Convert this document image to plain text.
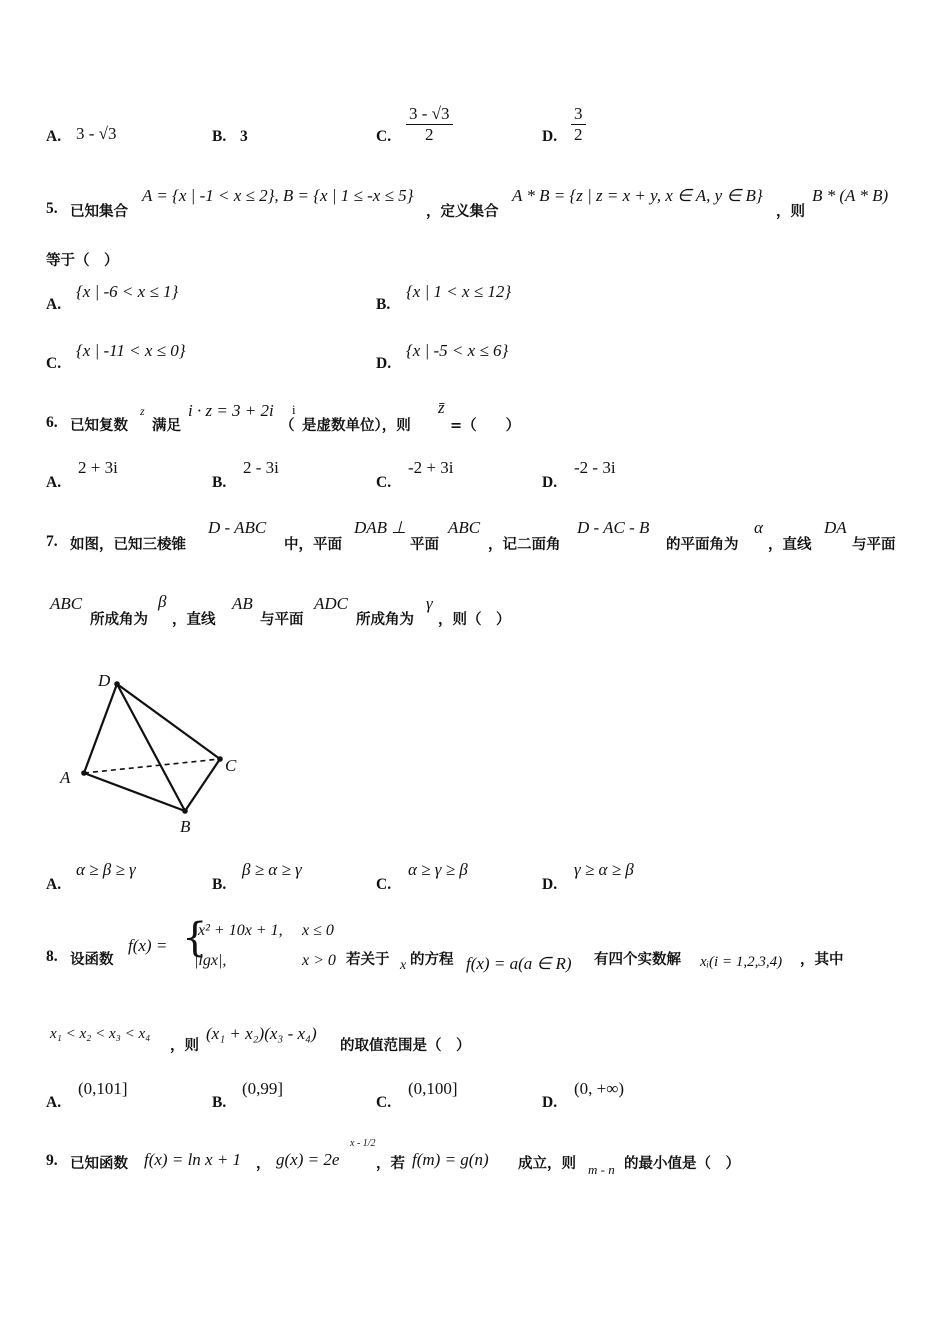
A. 3 - √3	B. 3	C. $\frac{3 - √3}{2}$	D. $\frac{3}{2}$
5. 已知集合
A = {x | -1 < x ≤ 2}, B = {x | 1 ≤ -x ≤ 5}
，定义集合
A * B = {z | z = x + y, x ∈ A, y ∈ B}
，则
B * (A * B)
等于（　）
A.
{x | -6 < x ≤ 1}
B.
{x | 1 < x ≤ 12}
C.
{x | -11 < x ≤ 0}
D.
{x | -5 < x ≤ 6}
6. 已知复数
z
满足
i · z = 3 + 2i
（
i
是虚数单位），则
z̄
=（　　）
A.
2 + 3i
B.
2 - 3i
C.
-2 + 3i
D.
-2 - 3i
7. 如图，已知三棱锥
D - ABC
中，平面
DAB ⊥
平面
ABC
，记二面角
D - AC - B
的平面角为
α
，直线
DA
与平面
ABC
所成角为
β
，直线
AB
与平面
ADC
所成角为
γ
，则（　）
D
A
B
C
A.
α ≥ β ≥ γ
B.
β ≥ α ≥ γ
C.
α ≥ γ ≥ β
D.
γ ≥ α ≥ β
8. 设函数
f(x) = {
x² + 10x + 1, x ≤ 0
|lgx|,	x > 0 若关于 x 的方程 f(x) = a(a ∈ R) 有四个实数解 xᵢ(i = 1,2,3,4) ，其中
x₁ < x₂ < x₃ < x₄
，则
(x₁ + x₂)(x₃ - x₄)
的取值范围是（　）
A.
(0,101]
B.
(0,99]
C.
(0,100]
D.
(0, +∞)
9. 已知函数 f(x) = ln x + 1 ， g(x) = 2e
x - 1/2
，若 f(m) = g(n) 成立，则 m - n 的最小值是（　）
